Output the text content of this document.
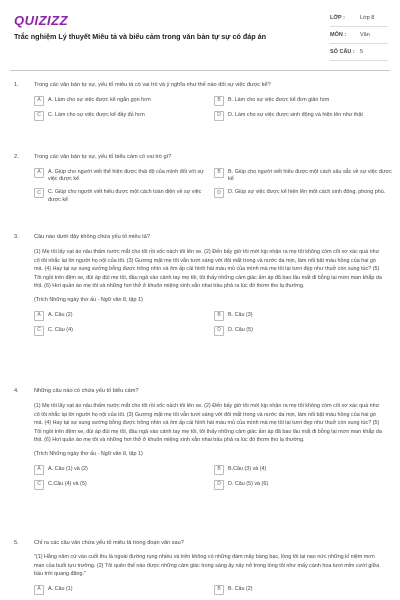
QUIZIZZ
Trắc nghiệm Lý thuyết Miêu tả và biểu cảm trong văn bản tự sự có đáp án
LỚP :	Lớp 8
MÔN :	Văn
SỐ CÂU : 5
1.	Trong các văn bản tự sự, yếu tố miêu tả có vai trò và ý nghĩa như thế nào đối sự việc được kể?
A	A. Làm cho sự việc được kể ngắn gọn hơn	B	B. Làm cho sự việc được kể đơn giản hơn
C	C. Làm cho sự việc được kể đầy đủ hơn	D	D. Làm cho sự việc được sinh động và hiện lên như thật
2.	Trong các văn bản tự sự, yếu tố biểu cảm có vai trò gì?
A	A. Giúp cho người viết thể hiện được thái độ của mình đối với sự việc được kể
B	B. Giúp cho người viết hiểu được một cách sâu sắc về sự việc được kể
C	C. Giúp cho người viết hiểu được một cách toàn diện về sự việc được kể
D	D. Giúp sự việc được kể hiện lên một cách sinh động, phong phú.
3.	Câu nào dưới đây không chứa yếu tố miêu tả?
(1) Mẹ tôi lấy vạt áo nâu thấm nước mắt cho tôi rồi xốc nách tôi lên xe. (2) Đến bấy giờ tôi mới kịp nhận ra mẹ tôi không còm cõi xơ xác quá như cô tôi nhắc lại lời người họ nội của tôi. (3) Gương mặt mẹ tôi vẫn tươi sáng với đôi mắt trong và nước da mịn, làm nổi bật màu hồng của hai gò má. (4) Hay tại sự sung sướng bỗng được trông nhìn và ôm ấp cái hình hài máu mủ của mình mà mẹ tôi lại tươi đẹp như thuở còn sung túc? (5) Tôi ngồi trên đệm xe, đùi áp đùi mẹ tôi, đầu ngả vào cánh tay mẹ tôi, tôi thấy những cảm giác ấm áp đã bao lâu mất đi bỗng lại mơn man khắp da thịt. (6) Hơi quần áo mẹ tôi và những hơi thở ở khuôn miệng xinh xắn nhai trầu phả ra lúc đó thơm tho lạ thường.
(Trích Những ngày thơ ấu - Ngữ văn 8, tập 1)
A	A. Câu (2)	B	B. Câu (3)
C	C. Câu (4)	D	D. Câu (5)
4.	Những câu nào có chứa yếu tố biểu cảm?
(1) Mẹ tôi lấy vạt áo nâu thấm nước mắt cho tôi rồi xốc nách tôi lên xe. (2) Đến bấy giờ tôi mới kịp nhận ra mẹ tôi không còm cõi xơ xác quá như cô tôi nhắc lại lời người họ nội của tôi. (3) Gương mặt mẹ tôi vẫn tươi sáng với đôi mắt trong và nước da mịn, làm nổi bật màu hồng của hai gò má. (4) Hay tại sự sung sướng bỗng được trông nhìn và ôm ấp cái hình hài máu mủ của mình mà mẹ tôi lại tươi đẹp như thuở còn sung túc? (5) Tôi ngồi trên đệm xe, đùi áp đùi mẹ tôi, đầu ngả vào cánh tay mẹ tôi, tôi thấy những cảm giác ấm áp đã bao lâu mất đi bỗng lại mơn man khắp da thịt. (6) Hơi quần áo mẹ tôi và những hơi thở ở khuôn miệng xinh xắn nhai trầu phả ra lúc đó thơm tho lạ thường.
(Trích Những ngày thơ ấu - Ngữ văn 8, tập 1)
A	A. Câu (1) và (2)	B	B.Câu (3) và (4)
C	C.Câu (4) và (5)	D	D. Câu (5) và (6)
5.	Chỉ ra các câu văn chứa yếu tố miêu tả trong đoạn văn sau?
"(1) Hằng năm cứ vào cuối thu lá ngoài đường rụng nhiều và trên không có những đám mây bàng bạc, lòng tôi lại nao nức những kỉ niệm mơn man của buổi tựu trường. (2) Tôi quên thế nào được những cảm giác trong sáng ấy nảy nở trong lòng tôi như mấy cành hoa tươi mỉm cười giữa bầu trời quang đãng."
A	A. Câu (1)	B	B. Câu (2)
